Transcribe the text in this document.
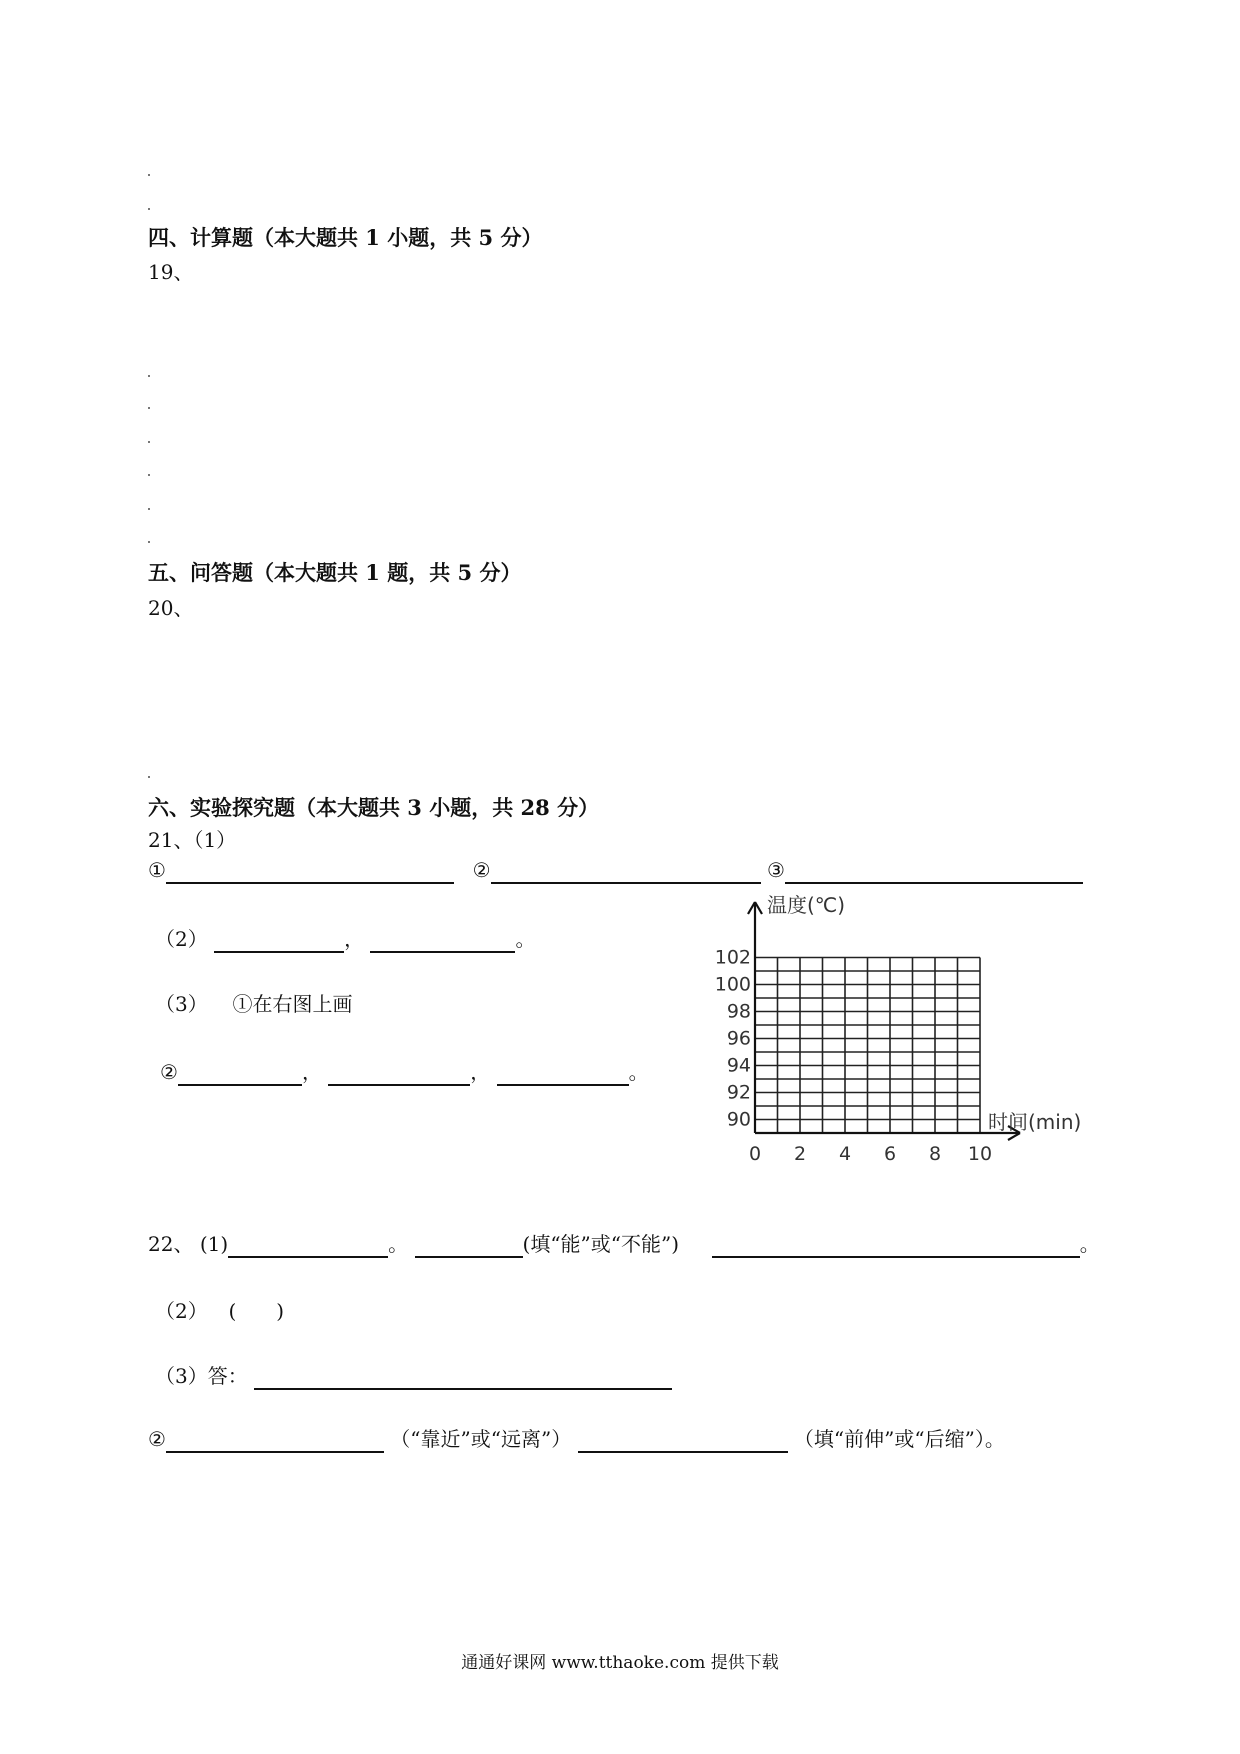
四、计算题（本大题共 1 小题，共 5 分）
19、
五、问答题（本大题共 1 题，共 5 分）
20、
六、实验探究题（本大题共 3 小题，共 28 分）
21、（1）
①	②	③
（2）	，	。
（3） ①在右图上画
②	，	，	。
90
92
94
96
98
100
102
0 2 4 6 8 10
温度(℃)
时间(min)
22、 (1)	。	(填“能”或“不能”)	。
（2） (　　)
（3）答：
②	（“靠近”或“远离”）	（填“前伸”或“后缩”）。
通通好课网 www.tthaoke.com 提供下载
